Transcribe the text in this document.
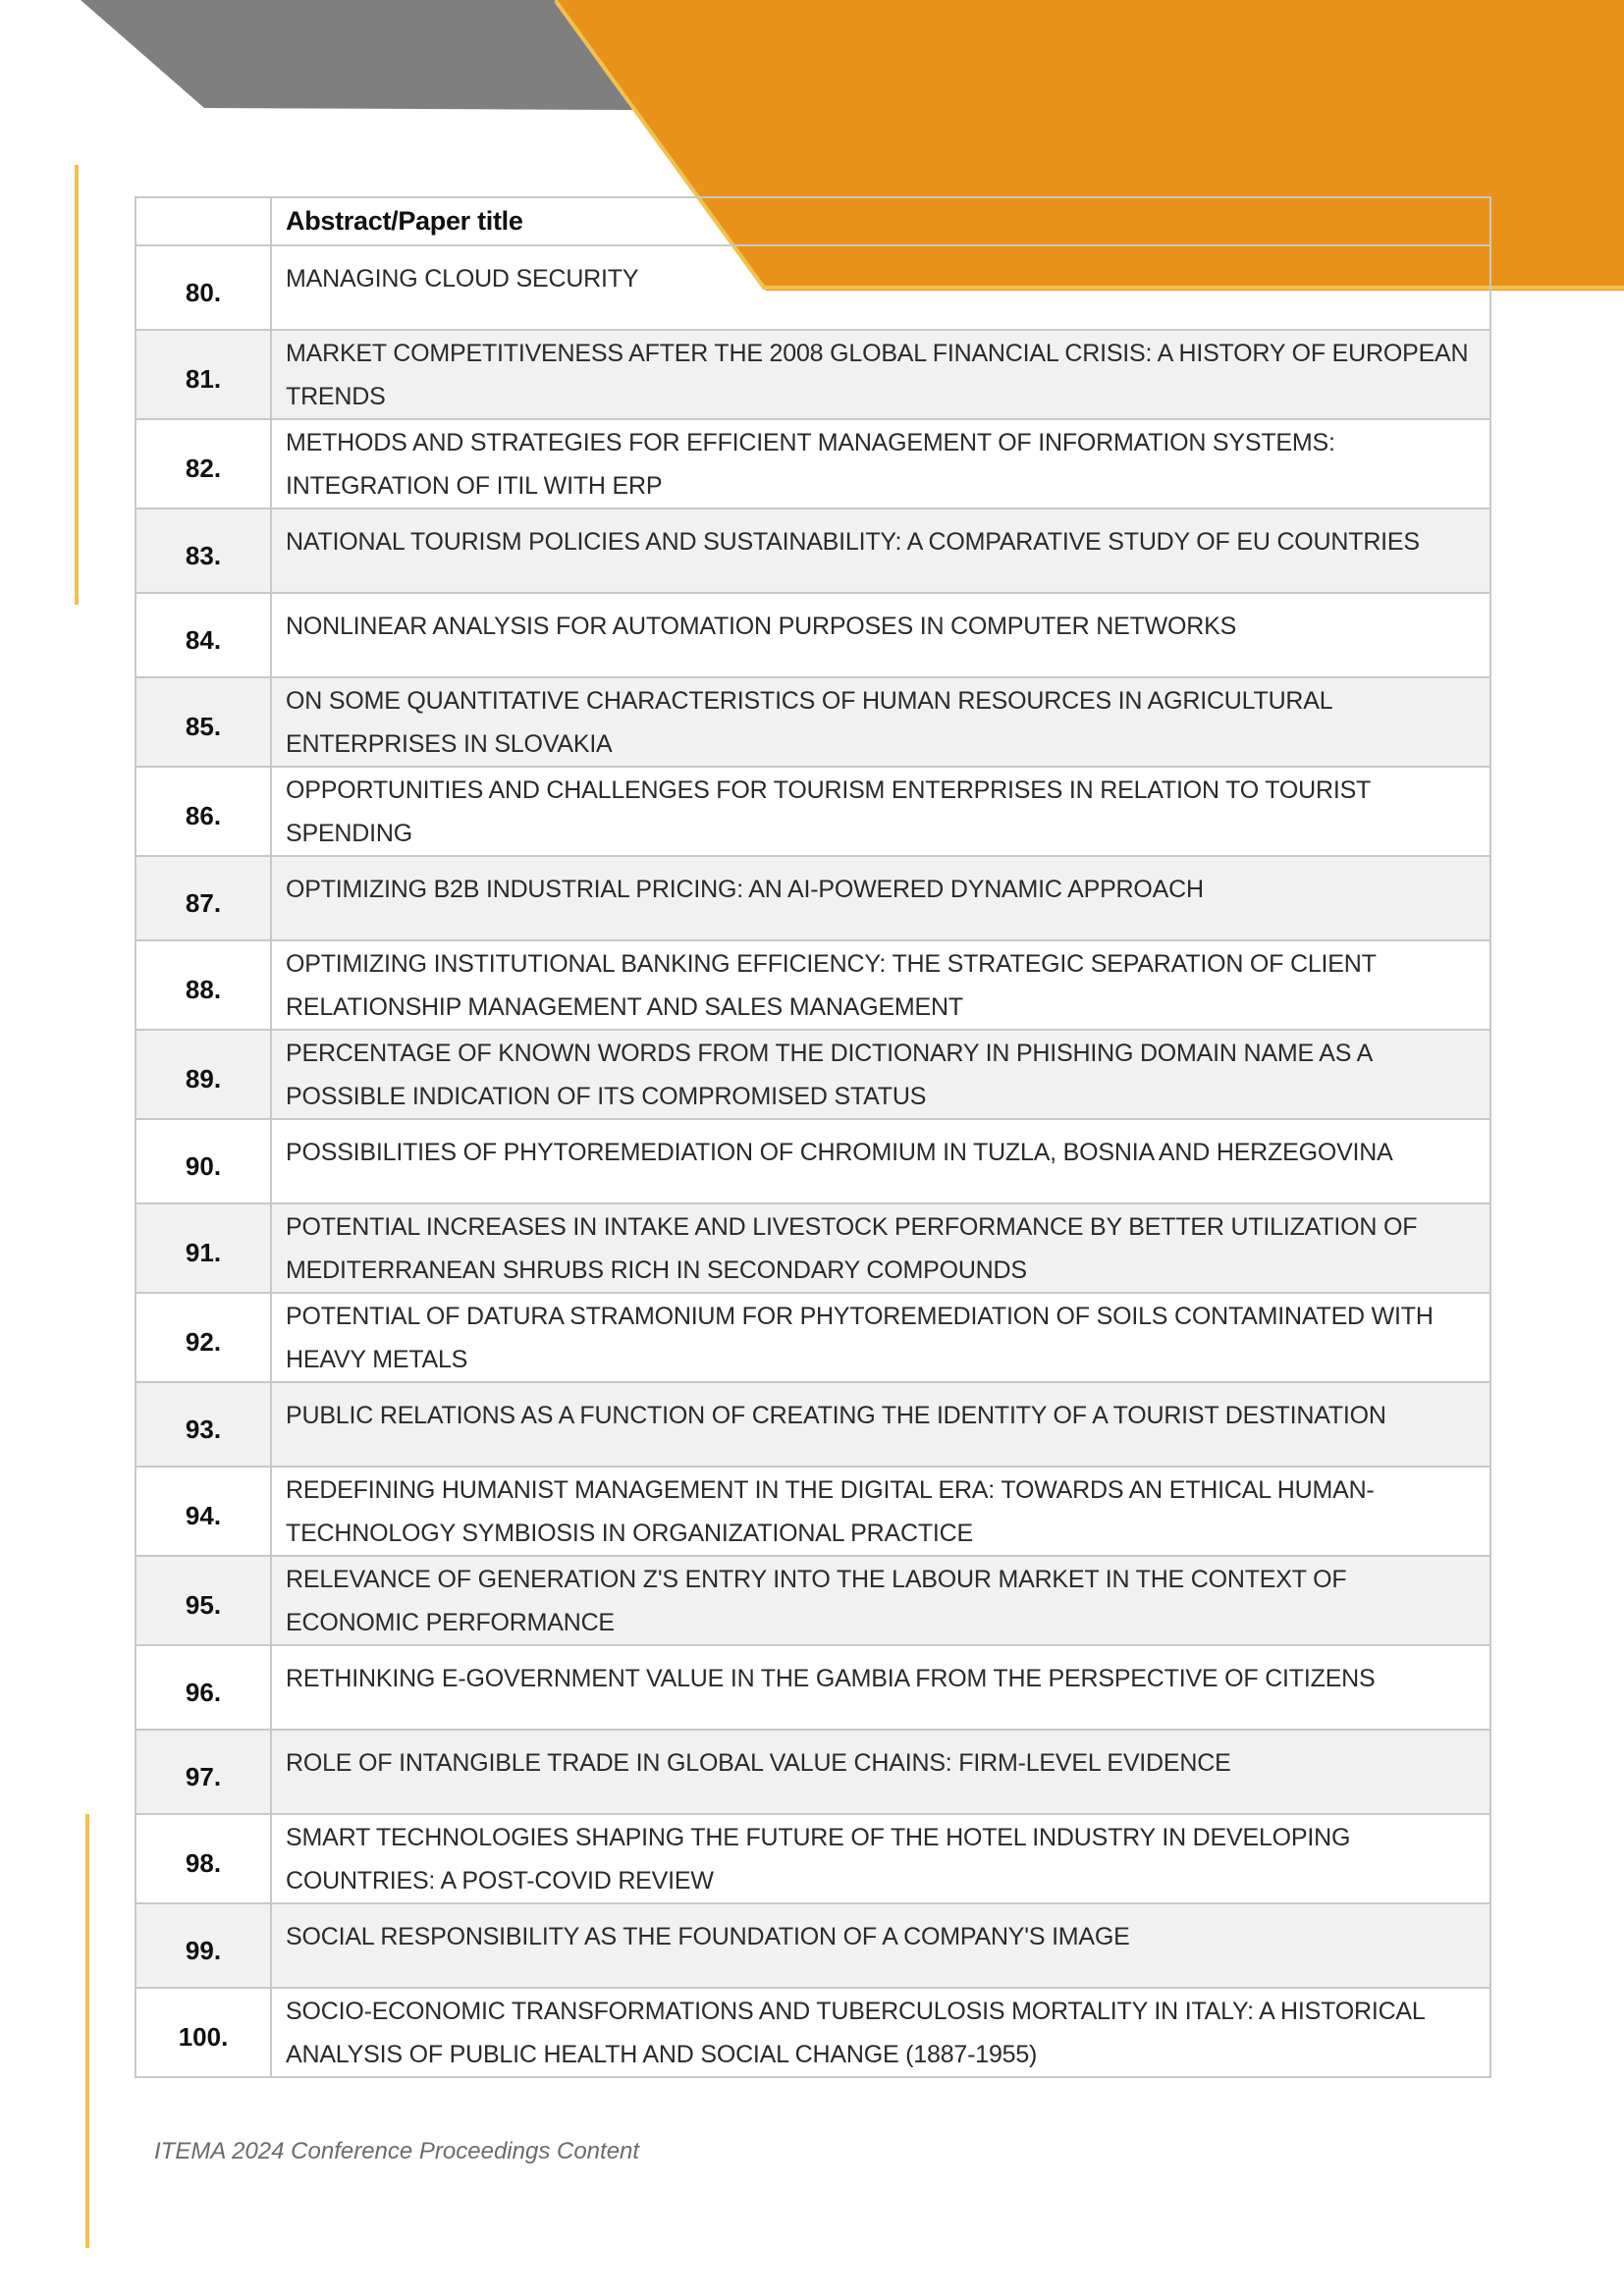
	Abstract/Paper title
80.	MANAGING CLOUD SECURITY
81.	MARKET COMPETITIVENESS AFTER THE 2008 GLOBAL FINANCIAL CRISIS: A HISTORY OF EUROPEAN TRENDS
82.	METHODS AND STRATEGIES FOR EFFICIENT MANAGEMENT OF INFORMATION SYSTEMS: INTEGRATION OF ITIL WITH ERP
83.	NATIONAL TOURISM POLICIES AND SUSTAINABILITY: A COMPARATIVE STUDY OF EU COUNTRIES
84.	NONLINEAR ANALYSIS FOR AUTOMATION PURPOSES IN COMPUTER NETWORKS
85.	ON SOME QUANTITATIVE CHARACTERISTICS OF HUMAN RESOURCES IN AGRICULTURAL ENTERPRISES IN SLOVAKIA
86.	OPPORTUNITIES AND CHALLENGES FOR TOURISM ENTERPRISES IN RELATION TO TOURIST SPENDING
87.	OPTIMIZING B2B INDUSTRIAL PRICING: AN AI-POWERED DYNAMIC APPROACH
88.	OPTIMIZING INSTITUTIONAL BANKING EFFICIENCY: THE STRATEGIC SEPARATION OF CLIENT RELATIONSHIP MANAGEMENT AND SALES MANAGEMENT
89.	PERCENTAGE OF KNOWN WORDS FROM THE DICTIONARY IN PHISHING DOMAIN NAME AS A POSSIBLE INDICATION OF ITS COMPROMISED STATUS
90.	POSSIBILITIES OF PHYTOREMEDIATION OF CHROMIUM IN TUZLA, BOSNIA AND HERZEGOVINA
91.	POTENTIAL INCREASES IN INTAKE AND LIVESTOCK PERFORMANCE BY BETTER UTILIZATION OF MEDITERRANEAN SHRUBS RICH IN SECONDARY COMPOUNDS
92.	POTENTIAL OF DATURA STRAMONIUM FOR PHYTOREMEDIATION OF SOILS CONTAMINATED WITH HEAVY METALS
93.	PUBLIC RELATIONS AS A FUNCTION OF CREATING THE IDENTITY OF A TOURIST DESTINATION
94.	REDEFINING HUMANIST MANAGEMENT IN THE DIGITAL ERA: TOWARDS AN ETHICAL HUMAN-TECHNOLOGY SYMBIOSIS IN ORGANIZATIONAL PRACTICE
95.	RELEVANCE OF GENERATION Z'S ENTRY INTO THE LABOUR MARKET IN THE CONTEXT OF ECONOMIC PERFORMANCE
96.	RETHINKING E-GOVERNMENT VALUE IN THE GAMBIA FROM THE PERSPECTIVE OF CITIZENS
97.	ROLE OF INTANGIBLE TRADE IN GLOBAL VALUE CHAINS: FIRM-LEVEL EVIDENCE
98.	SMART TECHNOLOGIES SHAPING THE FUTURE OF THE HOTEL INDUSTRY IN DEVELOPING COUNTRIES: A POST-COVID REVIEW
99.	SOCIAL RESPONSIBILITY AS THE FOUNDATION OF A COMPANY'S IMAGE
100.	SOCIO-ECONOMIC TRANSFORMATIONS AND TUBERCULOSIS MORTALITY IN ITALY: A HISTORICAL ANALYSIS OF PUBLIC HEALTH AND SOCIAL CHANGE (1887-1955)
ITEMA 2024 Conference Proceedings Content
